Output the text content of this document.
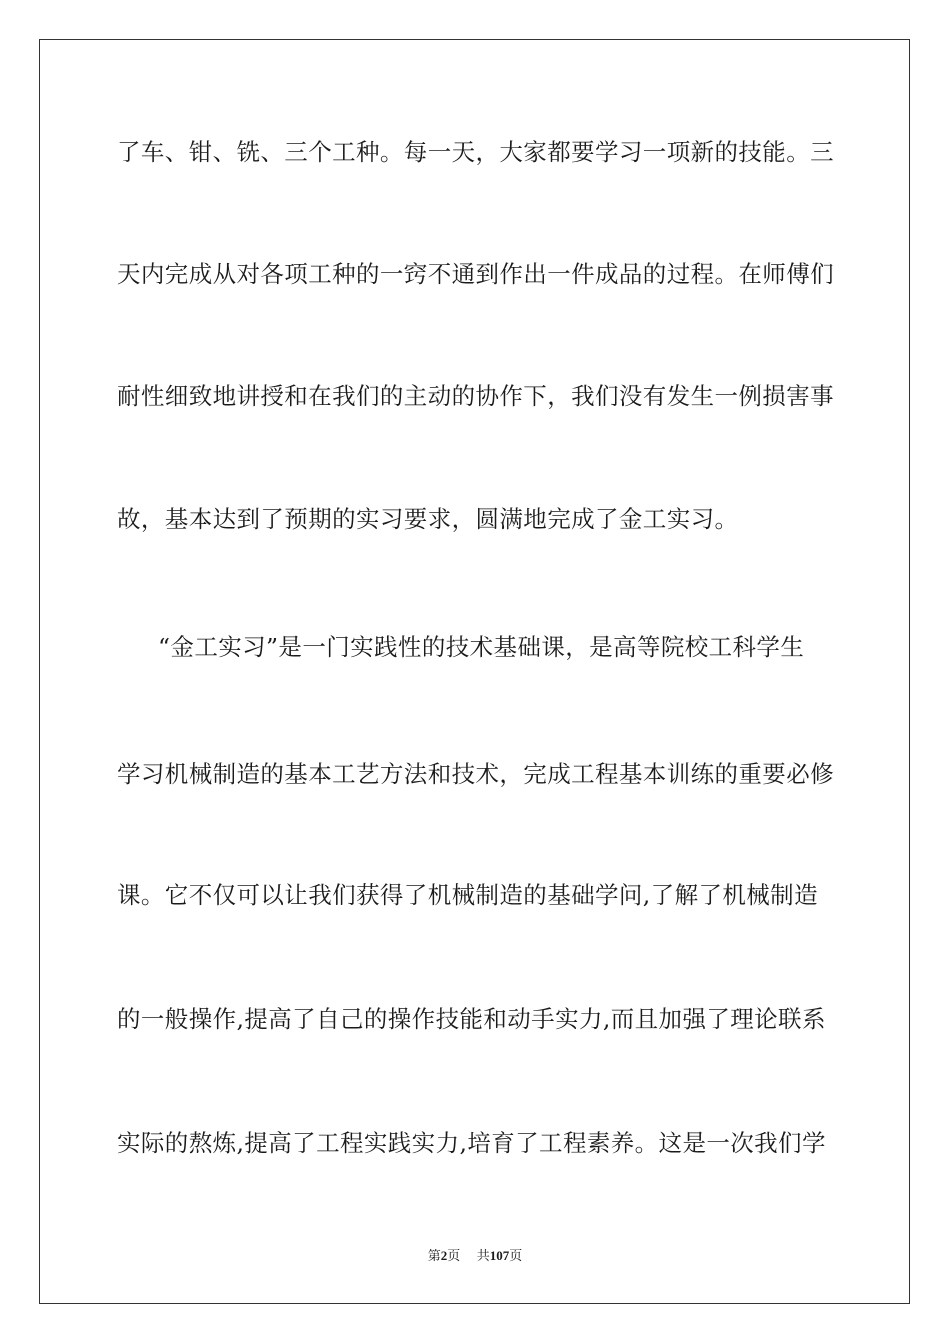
了车、钳、铣、三个工种。每一天，大家都要学习一项新的技能。三
天内完成从对各项工种的一窍不通到作出一件成品的过程。在师傅们
耐性细致地讲授和在我们的主动的协作下，我们没有发生一例损害事
故，基本达到了预期的实习要求，圆满地完成了金工实习。
“金工实习”是一门实践性的技术基础课，是高等院校工科学生
学习机械制造的基本工艺方法和技术，完成工程基本训练的重要必修
课。它不仅可以让我们获得了机械制造的基础学问,了解了机械制造
的一般操作,提高了自己的操作技能和动手实力,而且加强了理论联系
实际的熬炼,提高了工程实践实力,培育了工程素养。这是一次我们学
第2页 共107页
